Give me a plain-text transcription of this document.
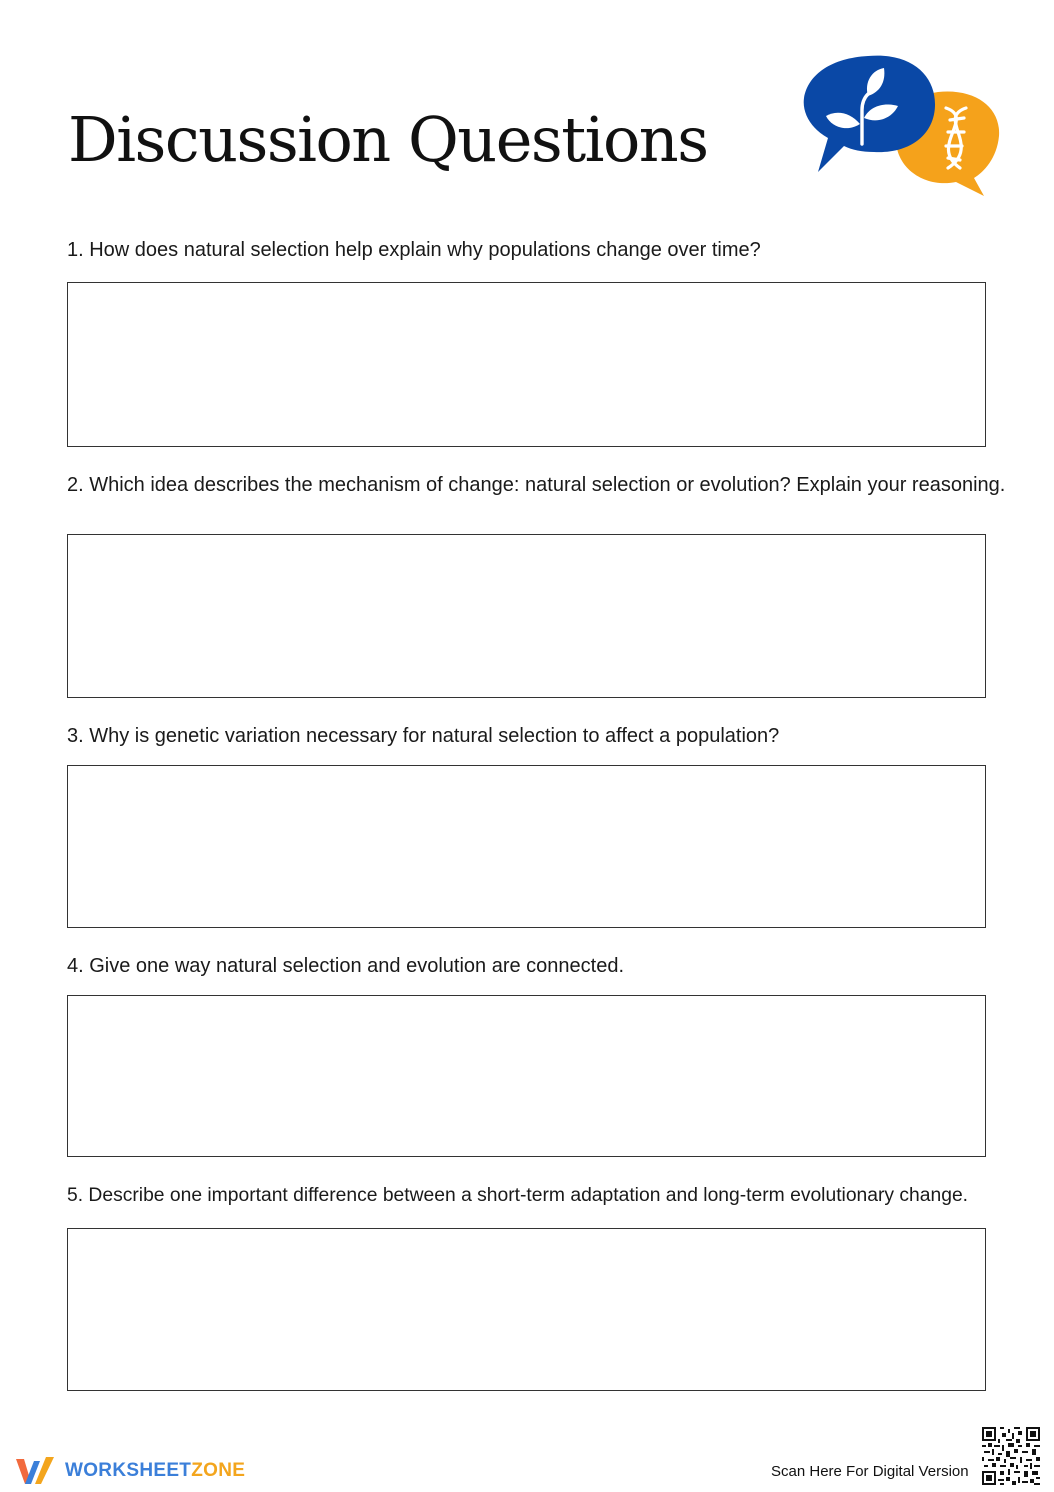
Discussion Questions

1. How does natural selection help explain why populations change over time?

2. Which idea describes the mechanism of change: natural selection or evolution? Explain your reasoning.

3. Why is genetic variation necessary for natural selection to affect a population?

4. Give one way natural selection and evolution are connected.

5. Describe one important difference between a short-term adaptation and long-term evolutionary change.

WORKSHEETZONE	Scan Here For Digital Version
